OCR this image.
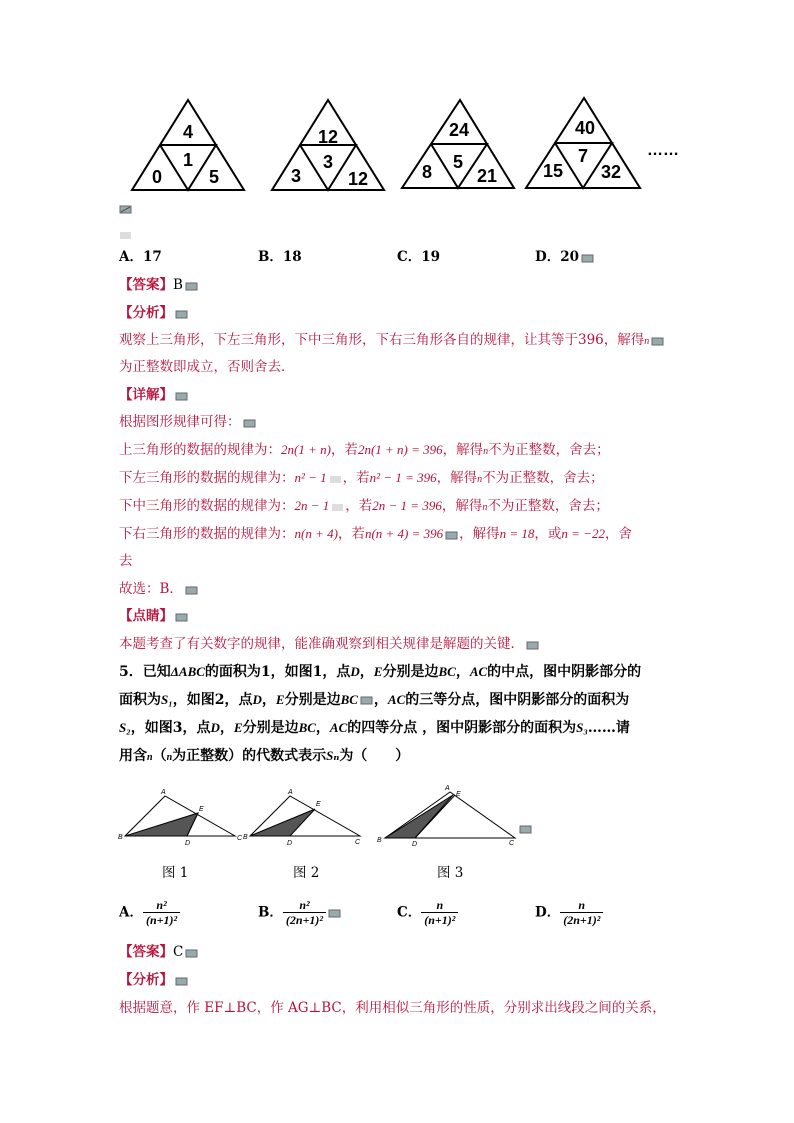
4
1
0	5
12
3
3	12
24
5
8 21
40
7
15 32
……
A．17	B．18	C．19	D．20
【答案】B
【分析】
观察上三角形，下左三角形，下中三角形，下右三角形各自的规律，让其等于396，解得n
为正整数即成立，否则舍去．
【详解】
根据图形规律可得：
上三角形的数据的规律为：2n(1 + n)，若2n(1 + n) = 396，解得n不为正整数，舍去；
下左三角形的数据的规律为：n² − 1 ，若n² − 1 = 396，解得n不为正整数，舍去；
下中三角形的数据的规律为：2n − 1 ，若2n − 1 = 396，解得n不为正整数，舍去；
下右三角形的数据的规律为：n(n + 4)，若n(n + 4) = 396 ，解得n = 18，或n = −22，舍
去
故选：B．
【点睛】
本题考查了有关数字的规律，能准确观察到相关规律是解题的关键．
5．已知ΔABC的面积为1，如图1，点D，E分别是边BC，AC的中点，图中阴影部分的
面积为S₁，如图2，点D，E分别是边BC ，AC的三等分点，图中阴影部分的面积为
S₂，如图3，点D，E分别是边BC，AC的四等分点 ，图中阴影部分的面积为S₃……请
用含n（n为正整数）的代数式表示Sₙ为（　　）
A
B	C
D
E
A
B
C
D
E
A
B	C
D
E
图 1	图 2	图 3
A． $\frac{\text{n²}}{\text{(n+1)²}}$	B． $\frac{\text{n²}}{\text{(2n+1)²}}$	C． $\frac{n}{\text{(n+1)²}}$	D． $\frac{n}{\text{(2n+1)²}}$
【答案】C
【分析】
根据题意，作 EF⊥BC，作 AG⊥BC，利用相似三角形的性质，分别求出线段之间的关系，
